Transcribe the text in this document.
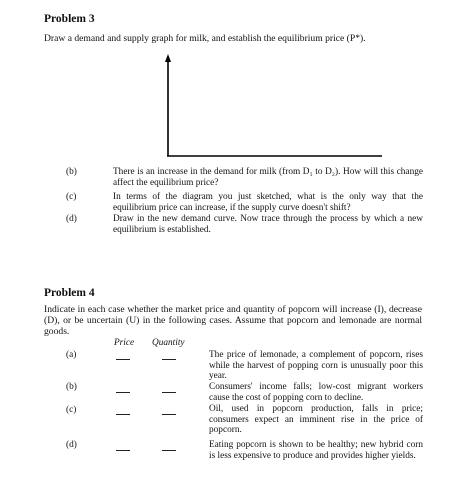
Problem 3
Draw a demand and supply graph for milk, and establish the equilibrium price (P*).
(b)	There is an increase in the demand for milk (from D₁ to D₂). How will this change affect the equilibrium price?
(c)	In terms of the diagram you just sketched, what is the only way that the equilibrium price can increase, if the supply curve doesn't shift?
(d)	Draw in the new demand curve. Now trace through the process by which a new equilibrium is established.
Problem 4
Indicate in each case whether the market price and quantity of popcorn will increase (I), decrease (D), or be uncertain (U) in the following cases. Assume that popcorn and lemonade are normal goods.
Price Quantity
(a)	The price of lemonade, a complement of popcorn, rises while the harvest of popping corn is unusually poor this year.
(b)	Consumers' income falls; low-cost migrant workers cause the cost of popping corn to decline.
(c)	Oil, used in popcorn production, falls in price; consumers expect an imminent rise in the price of popcorn.
(d)	Eating popcorn is shown to be healthy; new hybrid corn is less expensive to produce and provides higher yields.
